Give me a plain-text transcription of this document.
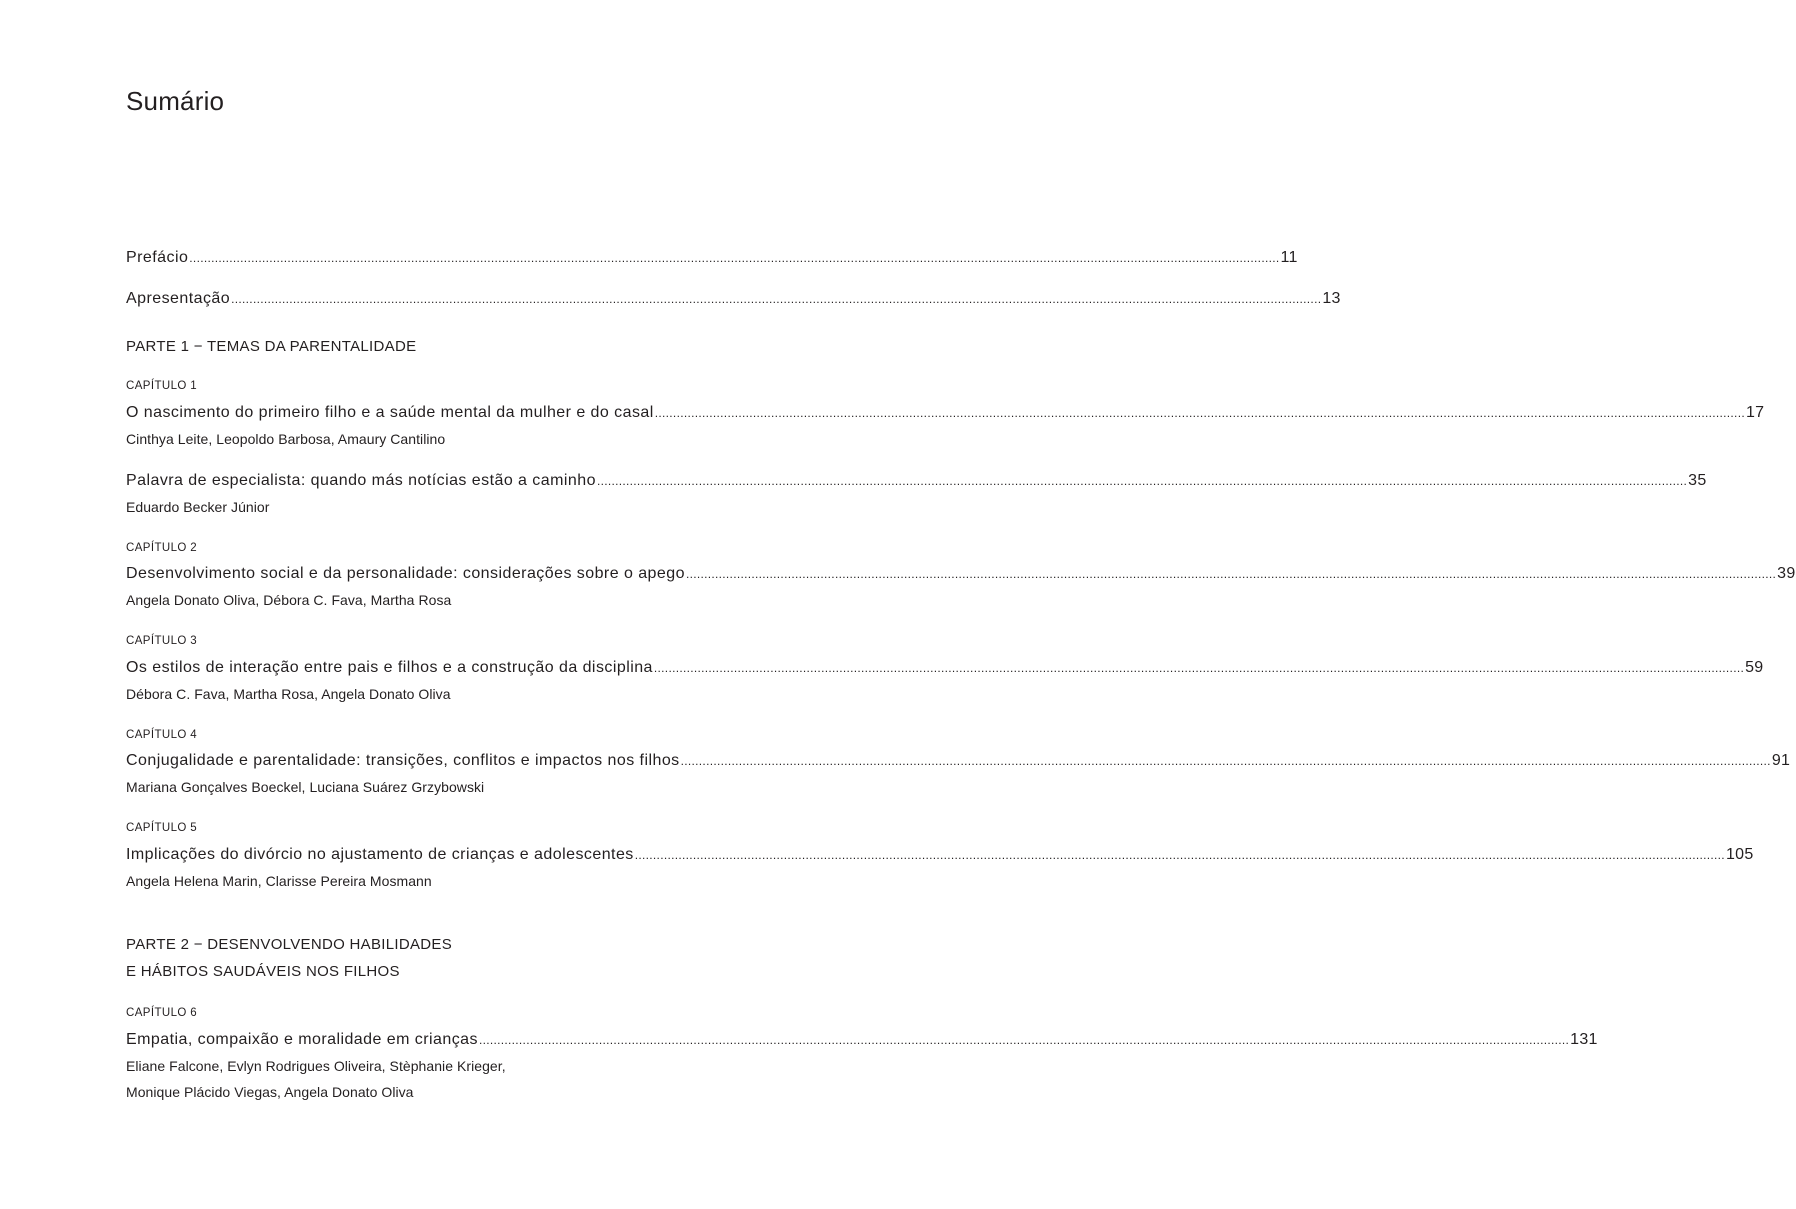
Sumário
Prefácio ............................................................................................................................................................................................................................................................................................................ 11
Apresentação ............................................................................................................................................................................................................................................................................................................ 13
PARTE 1 − TEMAS DA PARENTALIDADE
CAPÍTULO 1
O nascimento do primeiro filho e a saúde mental da mulher e do casal ............................................................................................................................................................................................................................................................................................................ 17
Cinthya Leite, Leopoldo Barbosa, Amaury Cantilino
Palavra de especialista: quando más notícias estão a caminho ............................................................................................................................................................................................................................................................................................................ 35
Eduardo Becker Júnior
CAPÍTULO 2
Desenvolvimento social e da personalidade: considerações sobre o apego ............................................................................................................................................................................................................................................................................................................ 39
Angela Donato Oliva, Débora C. Fava, Martha Rosa
CAPÍTULO 3
Os estilos de interação entre pais e filhos e a construção da disciplina ............................................................................................................................................................................................................................................................................................................ 59
Débora C. Fava, Martha Rosa, Angela Donato Oliva
CAPÍTULO 4
Conjugalidade e parentalidade: transições, conflitos e impactos nos filhos ............................................................................................................................................................................................................................................................................................................ 91
Mariana Gonçalves Boeckel, Luciana Suárez Grzybowski
CAPÍTULO 5
Implicações do divórcio no ajustamento de crianças e adolescentes ............................................................................................................................................................................................................................................................................................................ 105
Angela Helena Marin, Clarisse Pereira Mosmann
PARTE 2 − DESENVOLVENDO HABILIDADES
E HÁBITOS SAUDÁVEIS NOS FILHOS
CAPÍTULO 6
Empatia, compaixão e moralidade em crianças ............................................................................................................................................................................................................................................................................................................ 131
Eliane Falcone, Evlyn Rodrigues Oliveira, Stèphanie Krieger,
Monique Plácido Viegas, Angela Donato Oliva
